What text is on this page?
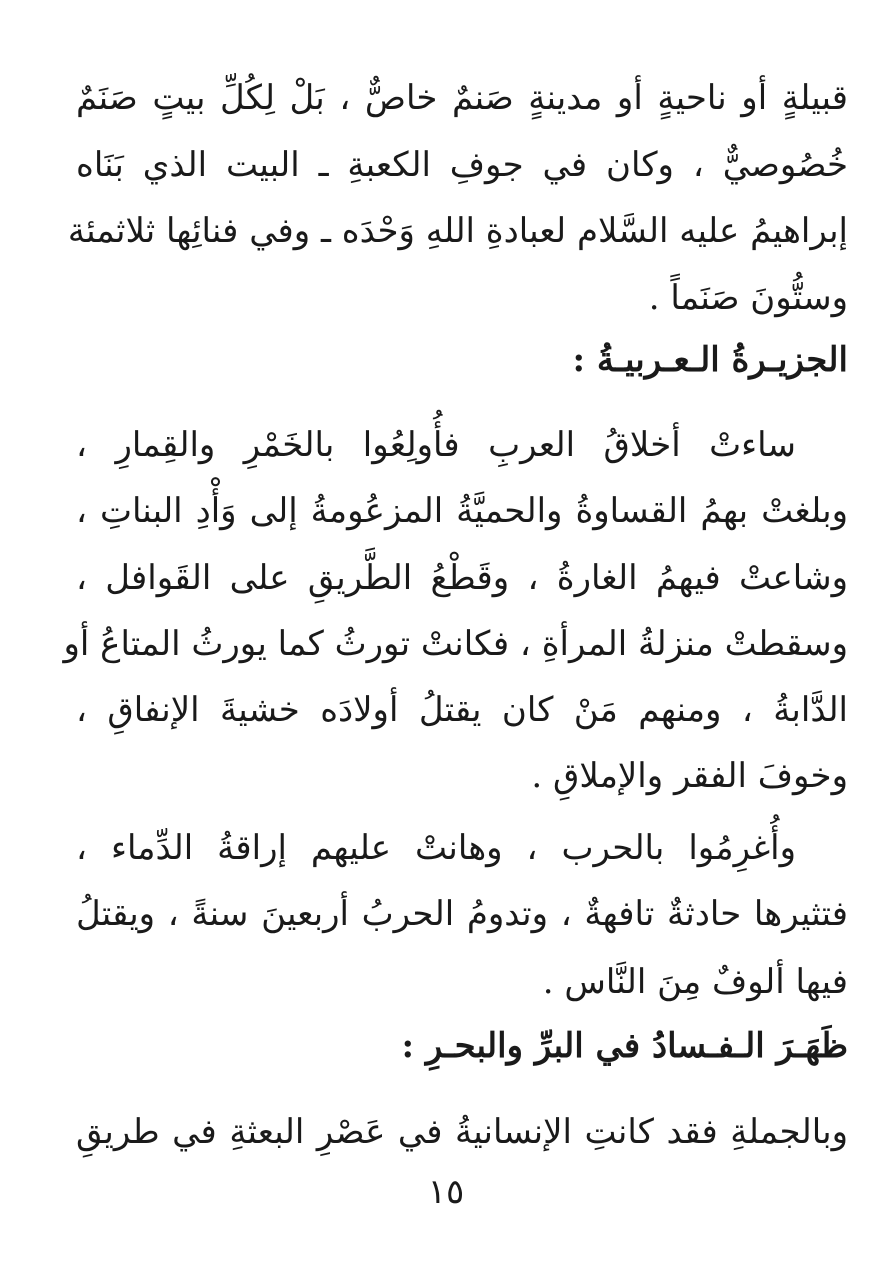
قبيلةٍ أو ناحيةٍ أو مدينةٍ صَنمٌ خاصٌّ ، بَلْ لِكُلِّ بيتٍ صَنَمٌ
خُصُوصيٌّ ، وكان في جوفِ الكعبةِ ـ البيت الذي بَنَاه
إبراهيمُ عليه السَّلام لعبادةِ اللهِ وَحْدَه ـ وفي فنائِها ثلاثمئة
وستُّونَ صَنَماً .
الجزيـرةُ الـعـربيـةُ :
ساءتْ أخلاقُ العربِ فأُولِعُوا بالخَمْرِ والقِمارِ ،
وبلغتْ بهمُ القساوةُ والحميَّةُ المزعُومةُ إلى وَأْدِ البناتِ ،
وشاعتْ فيهمُ الغارةُ ، وقَطْعُ الطَّريقِ على القَوافل ،
وسقطتْ منزلةُ المرأةِ ، فكانتْ تورثُ كما يورثُ المتاعُ أو
الدَّابةُ ، ومنهم مَنْ كان يقتلُ أولادَه خشيةَ الإنفاقِ ،
وخوفَ الفقر والإملاقِ .
وأُغرِمُوا بالحرب ، وهانتْ عليهم إراقةُ الدِّماء ،
فتثيرها حادثةٌ تافهةٌ ، وتدومُ الحربُ أربعينَ سنةً ، ويقتلُ
فيها ألوفٌ مِنَ النَّاس .
ظَهَـرَ الـفـسادُ في البرِّ والبحـرِ :
وبالجملةِ فقد كانتِ الإنسانيةُ في عَصْرِ البعثةِ في طريقِ
١٥
